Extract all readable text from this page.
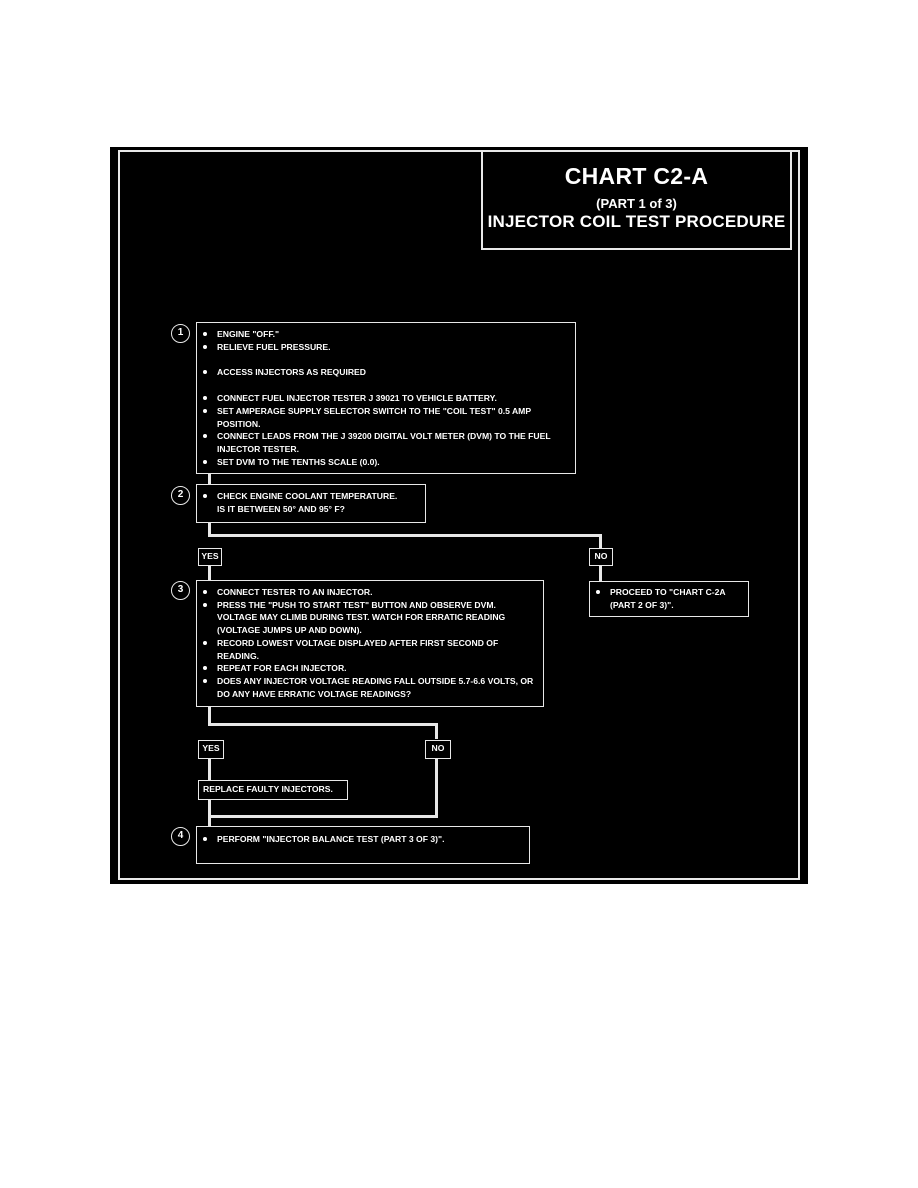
CHART C2-A
(PART 1 of 3)
INJECTOR COIL TEST PROCEDURE
1
2
3
4
ENGINE "OFF."
RELIEVE FUEL PRESSURE.
ACCESS INJECTORS AS REQUIRED
CONNECT FUEL INJECTOR TESTER J 39021 TO VEHICLE BATTERY.
SET AMPERAGE SUPPLY SELECTOR SWITCH TO THE "COIL TEST" 0.5 AMP POSITION.
CONNECT LEADS FROM THE J 39200 DIGITAL VOLT METER (DVM) TO THE FUEL INJECTOR TESTER.
SET DVM TO THE TENTHS SCALE (0.0).
CHECK ENGINE COOLANT TEMPERATURE. IS IT BETWEEN 50° AND 95° F?
YES	NO
PROCEED TO "CHART C-2A (PART 2 OF 3)".
CONNECT TESTER TO AN INJECTOR.
PRESS THE "PUSH TO START TEST" BUTTON AND OBSERVE DVM. VOLTAGE MAY CLIMB DURING TEST. WATCH FOR ERRATIC READING (VOLTAGE JUMPS UP AND DOWN).
RECORD LOWEST VOLTAGE DISPLAYED AFTER FIRST SECOND OF READING.
REPEAT FOR EACH INJECTOR.
DOES ANY INJECTOR VOLTAGE READING FALL OUTSIDE 5.7-6.6 VOLTS, OR DO ANY HAVE ERRATIC VOLTAGE READINGS?
YES	NO
REPLACE FAULTY INJECTORS.
PERFORM "INJECTOR BALANCE TEST (PART 3 OF 3)".
